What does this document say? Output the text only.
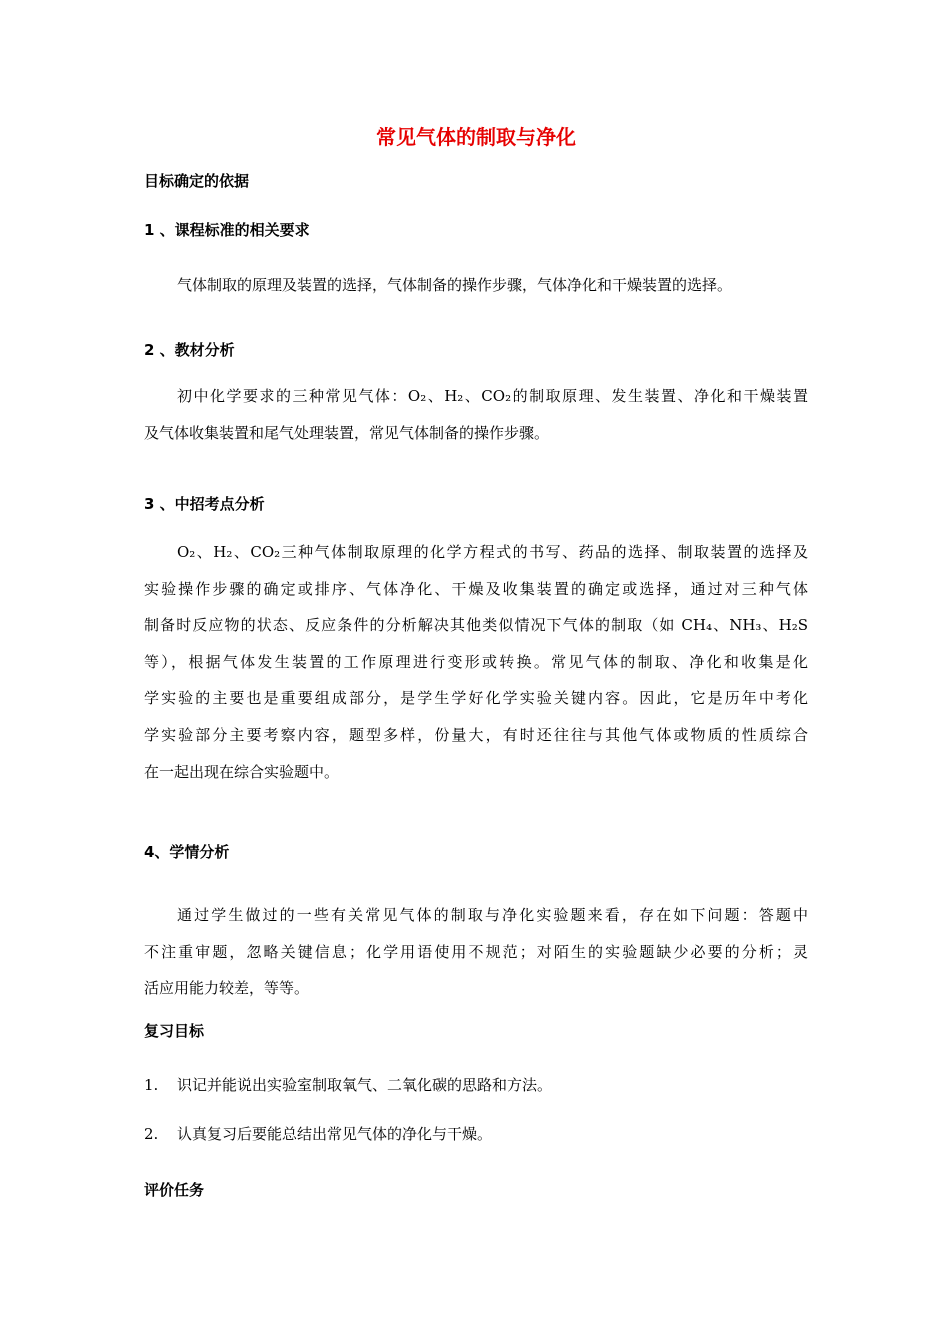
常见气体的制取与净化
目标确定的依据
1 、课程标准的相关要求
气体制取的原理及装置的选择，气体制备的操作步骤，气体净化和干燥装置的选择。
2 、教材分析
初中化学要求的三种常见气体：O₂、H₂、CO₂的制取原理、发生装置、净化和干燥装置
及气体收集装置和尾气处理装置，常见气体制备的操作步骤。
3 、中招考点分析
O₂、H₂、CO₂三种气体制取原理的化学方程式的书写、药品的选择、制取装置的选择及
实验操作步骤的确定或排序、气体净化、干燥及收集装置的确定或选择，通过对三种气体
制备时反应物的状态、反应条件的分析解决其他类似情况下气体的制取（如 CH₄、NH₃、H₂S
等），根据气体发生装置的工作原理进行变形或转换。常见气体的制取、净化和收集是化
学实验的主要也是重要组成部分，是学生学好化学实验关键内容。因此，它是历年中考化
学实验部分主要考察内容，题型多样，份量大，有时还往往与其他气体或物质的性质综合
在一起出现在综合实验题中。
4、学情分析
通过学生做过的一些有关常见气体的制取与净化实验题来看，存在如下问题：答题中
不注重审题，忽略关键信息；化学用语使用不规范；对陌生的实验题缺少必要的分析；灵
活应用能力较差，等等。
复习目标
1. 识记并能说出实验室制取氧气、二氧化碳的思路和方法。
2. 认真复习后要能总结出常见气体的净化与干燥。
评价任务
